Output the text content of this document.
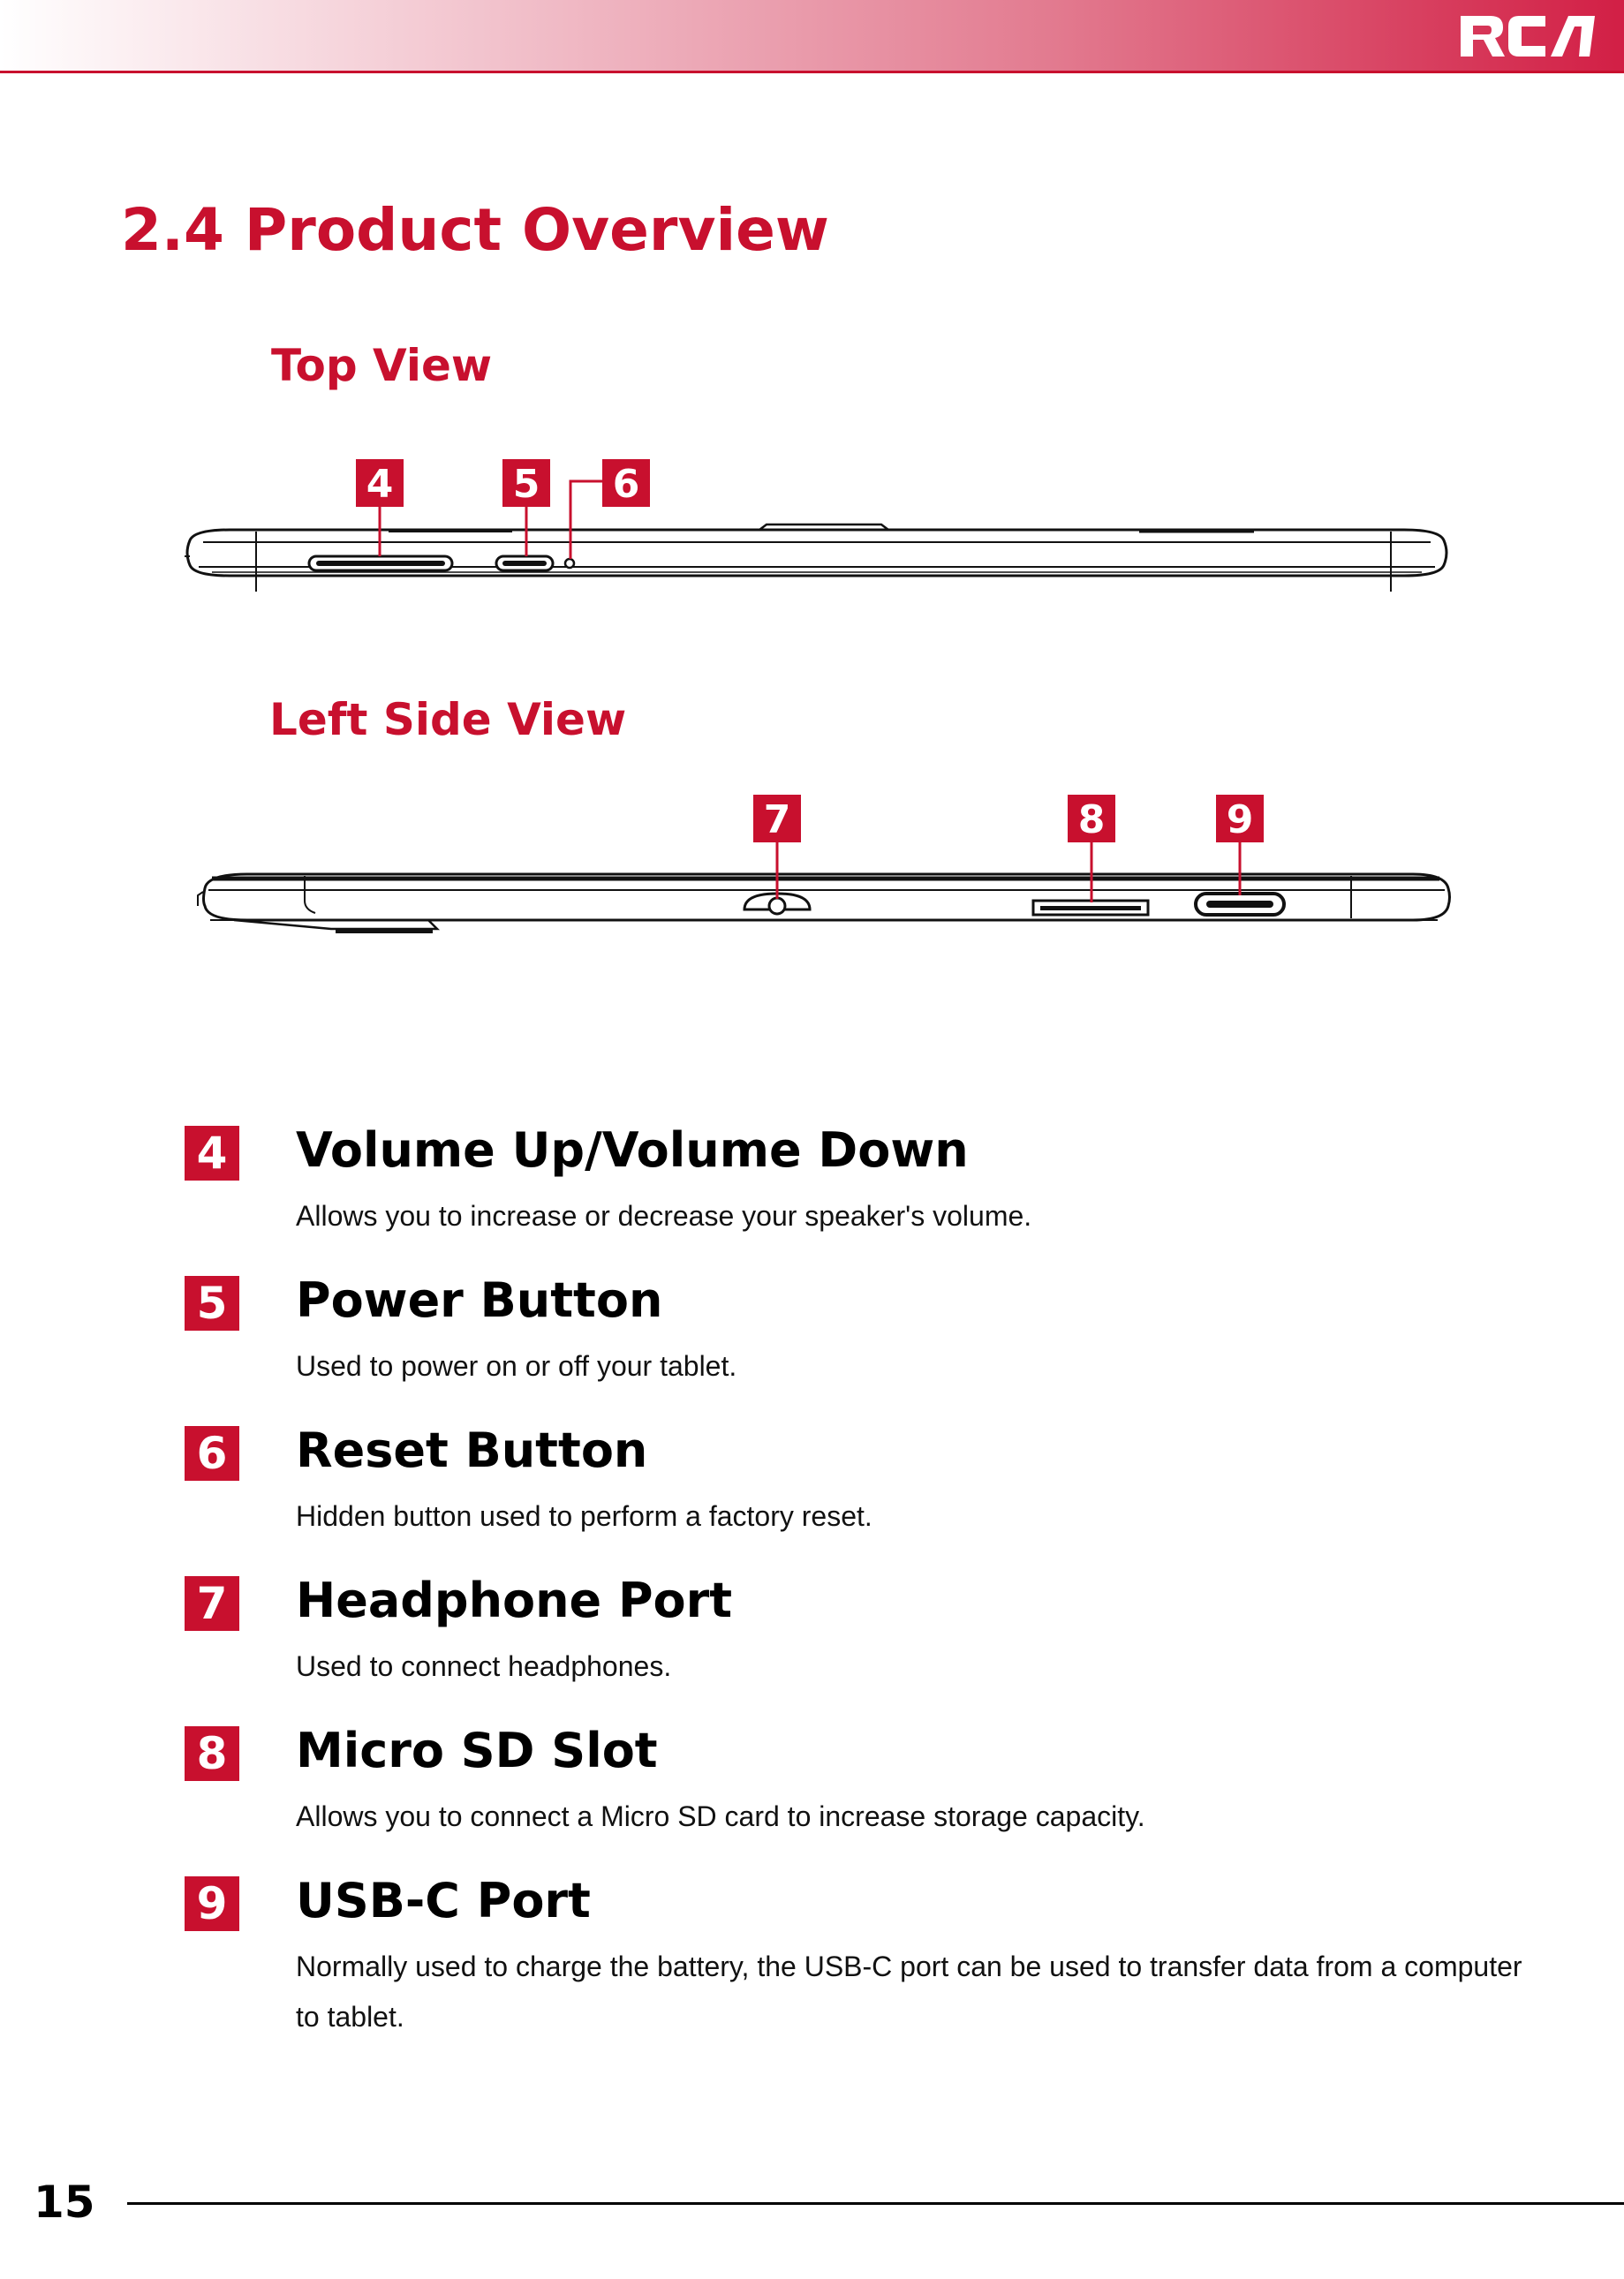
2.4 Product Overview
Top View
4	5 6
Left Side View
7	8	9
4 Volume Up/Volume Down

Allows you to increase or decrease your speaker's volume.

5 Power Button

Used to power on or off your tablet.

6 Reset Button

Hidden button used to perform a factory reset.

7 Headphone Port

Used to connect headphones.

8 Micro SD Slot

Allows you to connect a Micro SD card to increase storage capacity.

9 USB-C Port

Normally used to charge the battery, the USB-C port can be used to transfer data from a computer to tablet.

15
